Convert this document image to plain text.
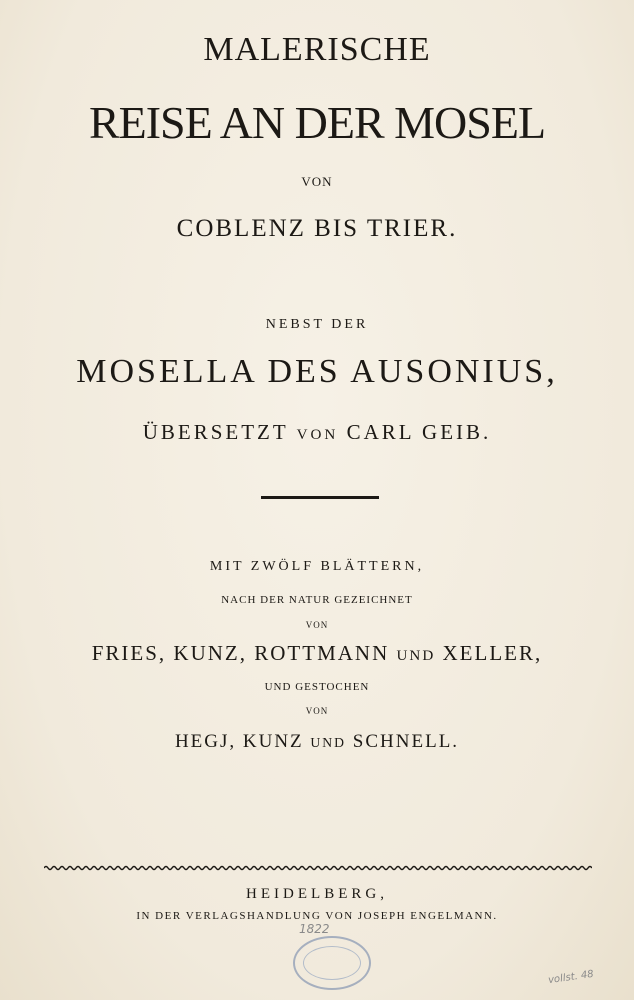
MALERISCHE
REISE AN DER MOSEL
VON
COBLENZ BIS TRIER.
NEBST DER
MOSELLA DES AUSONIUS,
ÜBERSETZT VON CARL GEIB.
MIT ZWÖLF BLÄTTERN,
NACH DER NATUR GEZEICHNET
VON
FRIES, KUNZ, ROTTMANN UND XELLER,
UND GESTOCHEN
VON
HEGJ, KUNZ UND SCHNELL.
HEIDELBERG,
IN DER VERLAGSHANDLUNG VON JOSEPH ENGELMANN.
1822
vollst. 48
